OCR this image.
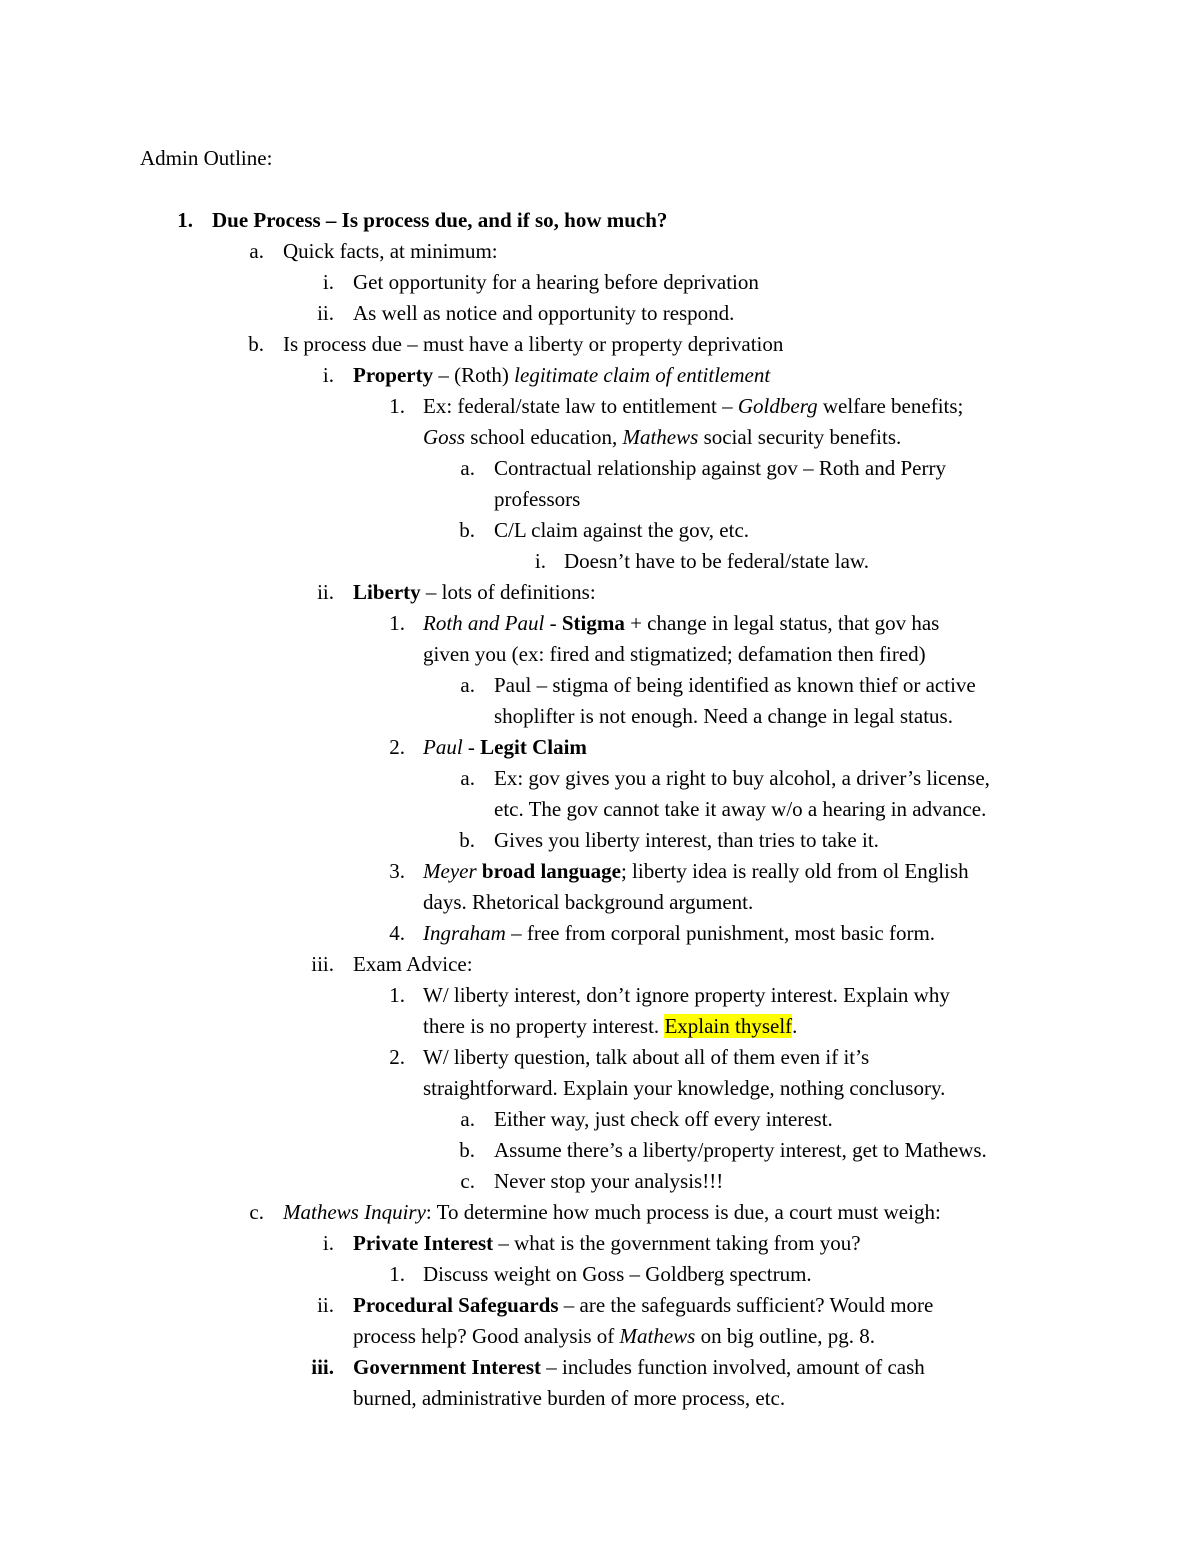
Admin Outline:
1. Due Process – Is process due, and if so, how much?
a. Quick facts, at minimum:
i. Get opportunity for a hearing before deprivation
ii. As well as notice and opportunity to respond.
b. Is process due – must have a liberty or property deprivation
i. Property – (Roth) legitimate claim of entitlement
1. Ex: federal/state law to entitlement – Goldberg welfare benefits;
Goss school education, Mathews social security benefits.
a. Contractual relationship against gov – Roth and Perry
professors
b. C/L claim against the gov, etc.
i. Doesn’t have to be federal/state law.
ii. Liberty – lots of definitions:
1. Roth and Paul - Stigma + change in legal status, that gov has
given you (ex: fired and stigmatized; defamation then fired)
a. Paul – stigma of being identified as known thief or active
shoplifter is not enough. Need a change in legal status.
2. Paul - Legit Claim
a. Ex: gov gives you a right to buy alcohol, a driver’s license,
etc. The gov cannot take it away w/o a hearing in advance.
b. Gives you liberty interest, than tries to take it.
3. Meyer broad language; liberty idea is really old from ol English
days. Rhetorical background argument.
4. Ingraham – free from corporal punishment, most basic form.
iii. Exam Advice:
1. W/ liberty interest, don’t ignore property interest. Explain why
there is no property interest. Explain thyself.
2. W/ liberty question, talk about all of them even if it’s
straightforward. Explain your knowledge, nothing conclusory.
a. Either way, just check off every interest.
b. Assume there’s a liberty/property interest, get to Mathews.
c. Never stop your analysis!!!
c. Mathews Inquiry: To determine how much process is due, a court must weigh:
i. Private Interest – what is the government taking from you?
1. Discuss weight on Goss – Goldberg spectrum.
ii. Procedural Safeguards – are the safeguards sufficient? Would more
process help? Good analysis of Mathews on big outline, pg. 8.
iii. Government Interest – includes function involved, amount of cash
burned, administrative burden of more process, etc.
